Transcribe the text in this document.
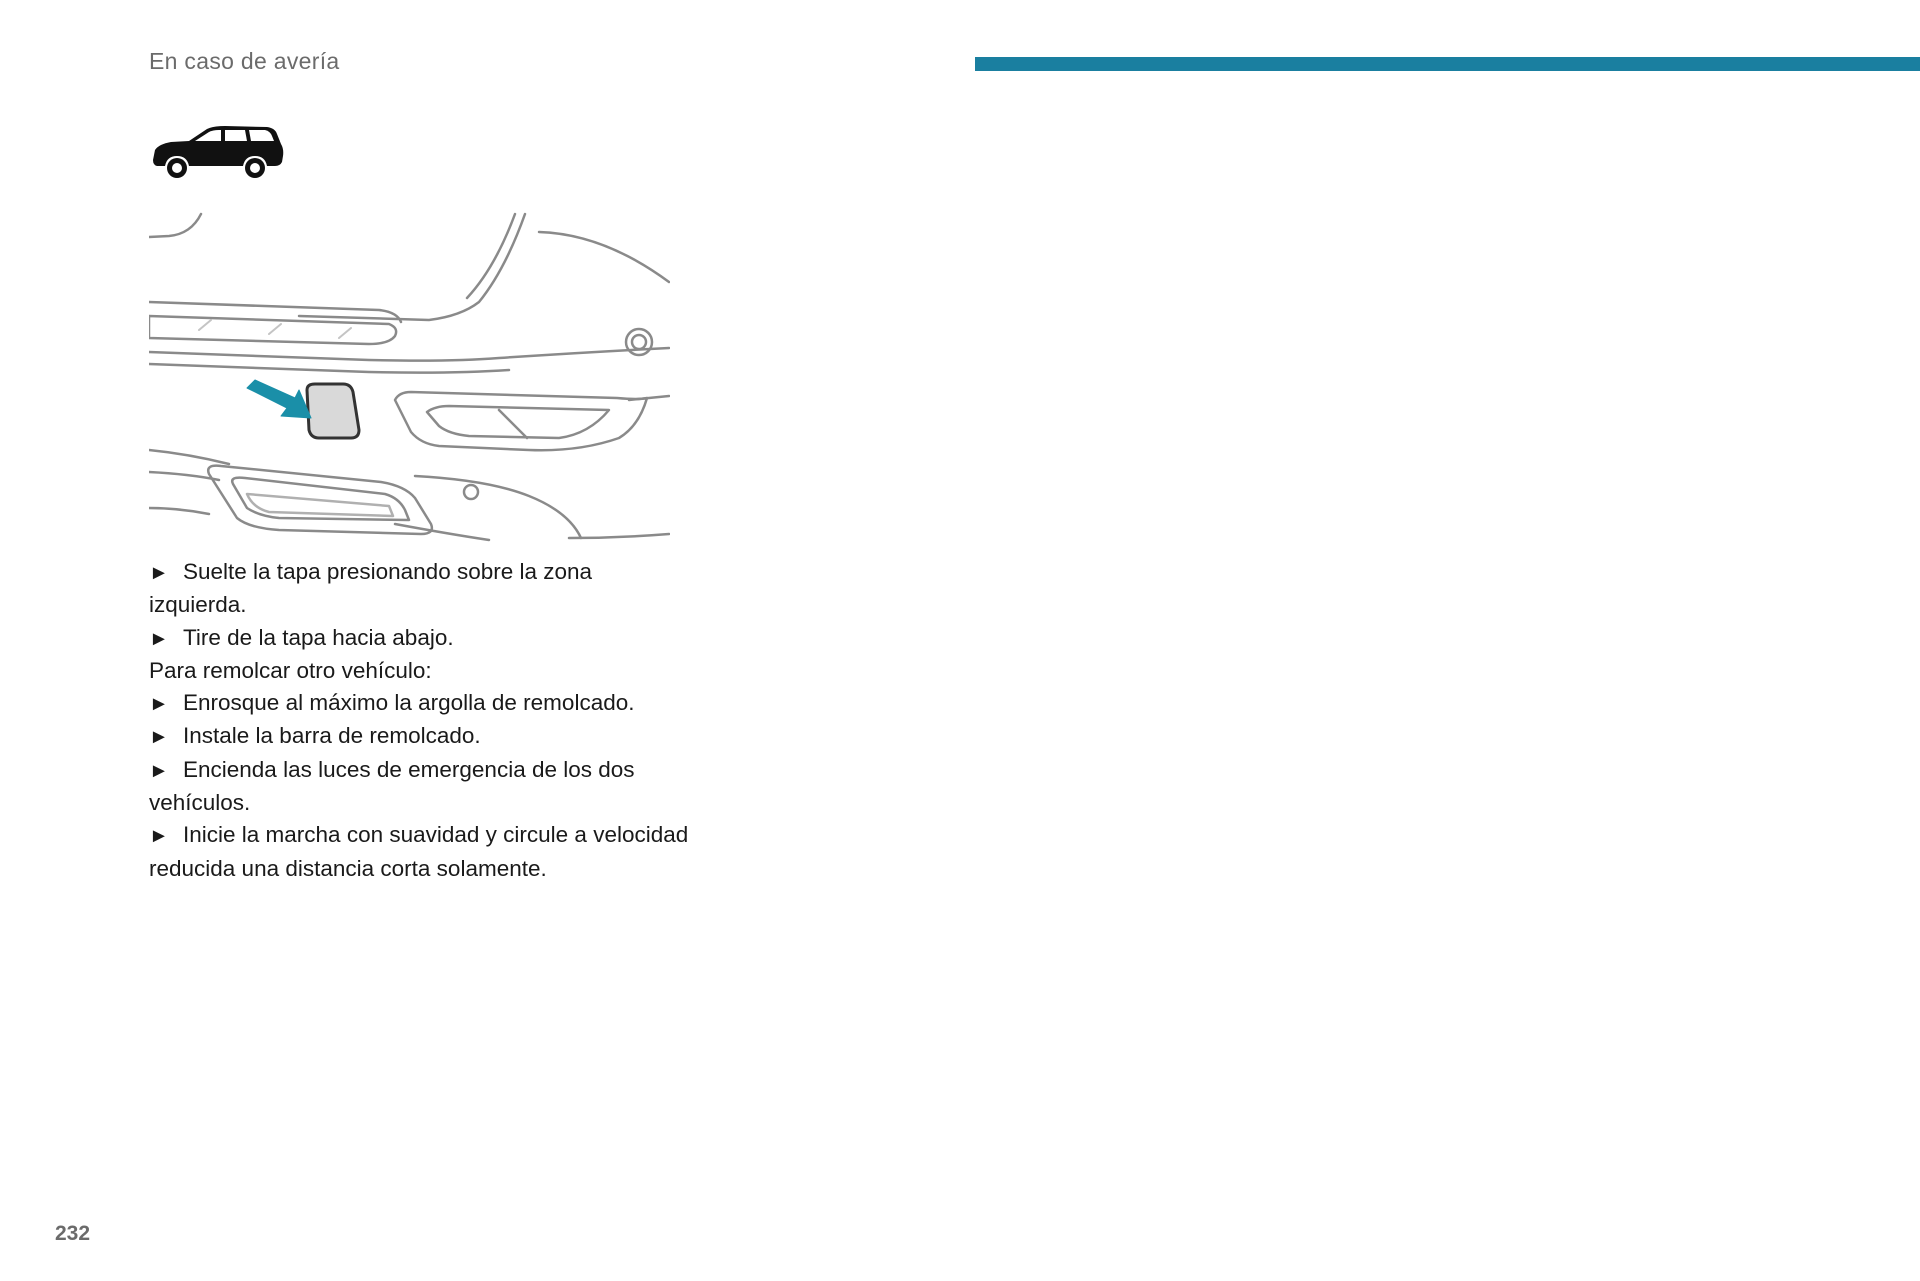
En caso de avería

► Suelte la tapa presionando sobre la zona izquierda.

► Tire de la tapa hacia abajo.

Para remolcar otro vehículo:

► Enrosque al máximo la argolla de remolcado.

► Instale la barra de remolcado.

► Encienda las luces de emergencia de los dos vehículos.

► Inicie la marcha con suavidad y circule a velocidad reducida una distancia corta solamente.

232
